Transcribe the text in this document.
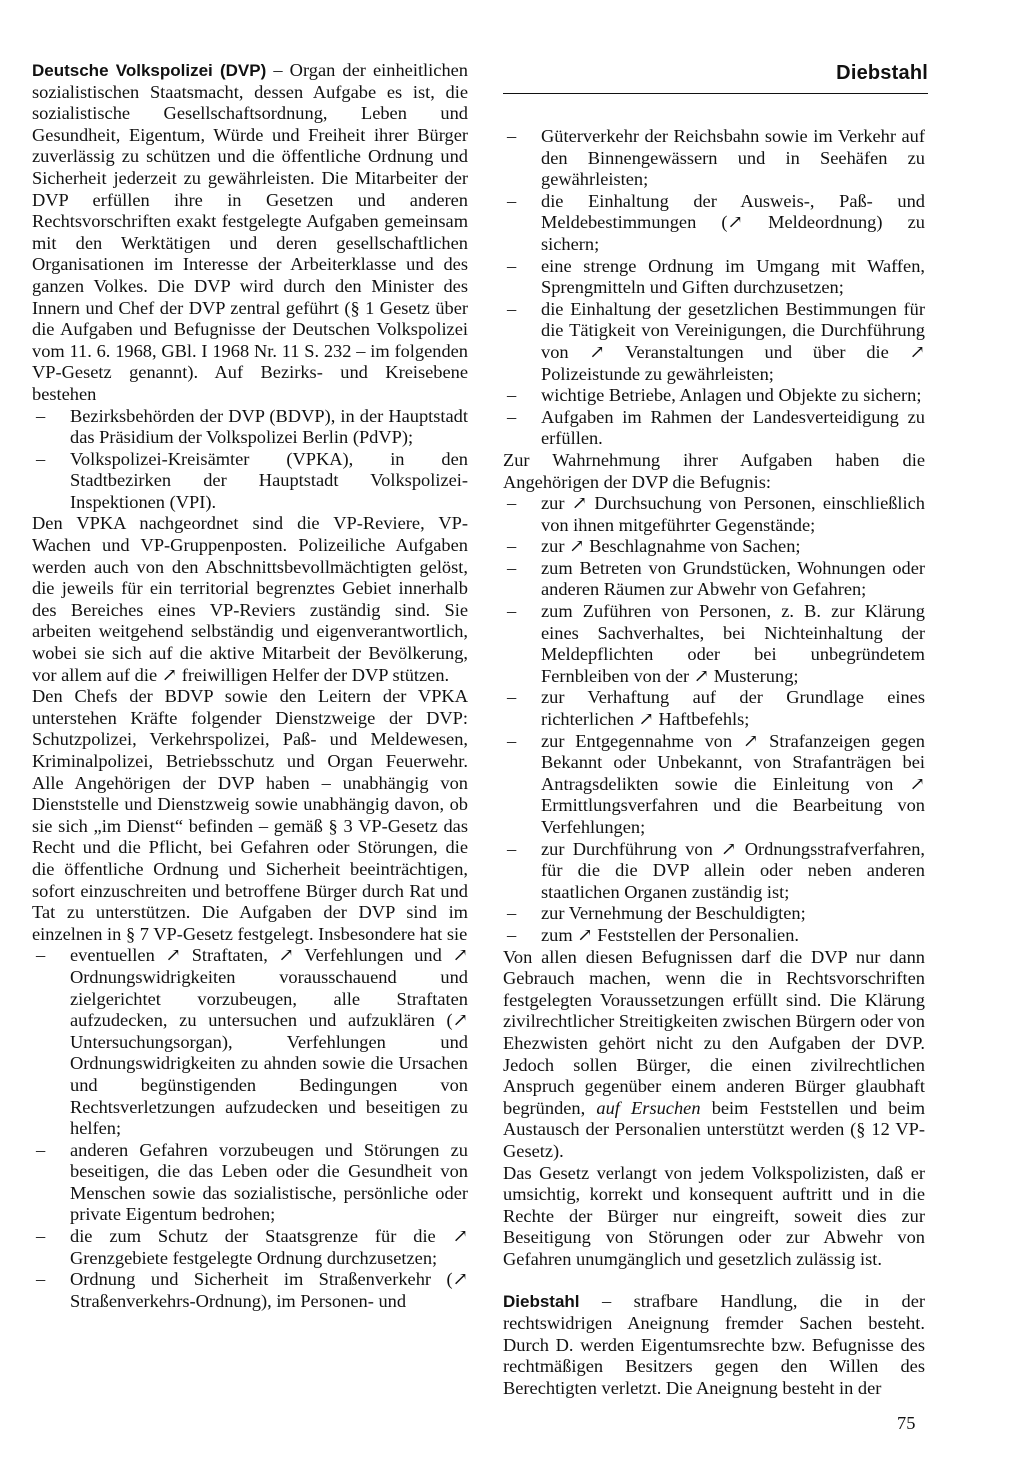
Diebstahl

Deutsche Volkspolizei (DVP) – Organ der einheitlichen sozialistischen Staatsmacht, dessen Aufgabe es ist, die sozialistische Gesellschaftsordnung, Leben und Gesundheit, Eigentum, Würde und Freiheit ihrer Bürger zuverlässig zu schützen und die öffentliche Ordnung und Sicherheit jederzeit zu gewährleisten. Die Mitarbeiter der DVP erfüllen ihre in Gesetzen und anderen Rechtsvorschriften exakt festgelegte Aufgaben gemeinsam mit den Werktätigen und deren gesellschaftlichen Organisationen im Interesse der Arbeiterklasse und des ganzen Volkes. Die DVP wird durch den Minister des Innern und Chef der DVP zentral geführt (§ 1 Gesetz über die Aufgaben und Befugnisse der Deutschen Volkspolizei vom 11. 6. 1968, GBl. I 1968 Nr. 11 S. 232 – im folgenden VP-Gesetz genannt). Auf Bezirks- und Kreisebene bestehen

– Bezirksbehörden der DVP (BDVP), in der Hauptstadt das Präsidium der Volkspolizei Berlin (PdVP);
– Volkspolizei-Kreisämter (VPKA), in den Stadtbezirken der Hauptstadt Volkspolizei-Inspektionen (VPI).

Den VPKA nachgeordnet sind die VP-Reviere, VP-Wachen und VP-Gruppenposten. Polizeiliche Aufgaben werden auch von den Abschnittsbevollmächtigten gelöst, die jeweils für ein territorial begrenztes Gebiet innerhalb des Bereiches eines VP-Reviers zuständig sind. Sie arbeiten weitgehend selbständig und eigenverantwortlich, wobei sie sich auf die aktive Mitarbeit der Bevölkerung, vor allem auf die ↗ freiwilligen Helfer der DVP stützen.

Den Chefs der BDVP sowie den Leitern der VPKA unterstehen Kräfte folgender Dienstzweige der DVP: Schutzpolizei, Verkehrspolizei, Paß- und Meldewesen, Kriminalpolizei, Betriebsschutz und Organ Feuerwehr. Alle Angehörigen der DVP haben – unabhängig von Dienststelle und Dienstzweig sowie unabhängig davon, ob sie sich „im Dienst“ befinden – gemäß § 3 VP-Gesetz das Recht und die Pflicht, bei Gefahren oder Störungen, die die öffentliche Ordnung und Sicherheit beeinträchtigen, sofort einzuschreiten und betroffene Bürger durch Rat und Tat zu unterstützen. Die Aufgaben der DVP sind im einzelnen in § 7 VP-Gesetz festgelegt. Insbesondere hat sie

– eventuellen ↗ Straftaten, ↗ Verfehlungen und ↗ Ordnungswidrigkeiten vorausschauend und zielgerichtet vorzubeugen, alle Straftaten aufzudecken, zu untersuchen und aufzuklären (↗ Untersuchungsorgan), Verfehlungen und Ordnungswidrigkeiten zu ahnden sowie die Ursachen und begünstigenden Bedingungen von Rechtsverletzungen aufzudecken und beseitigen zu helfen;
– anderen Gefahren vorzubeugen und Störungen zu beseitigen, die das Leben oder die Gesundheit von Menschen sowie das sozialistische, persönliche oder private Eigentum bedrohen;
– die zum Schutz der Staatsgrenze für die ↗ Grenzgebiete festgelegte Ordnung durchzusetzen;
– Ordnung und Sicherheit im Straßenverkehr (↗ Straßenverkehrs-Ordnung), im Personen- und
– Güterverkehr der Reichsbahn sowie im Verkehr auf den Binnengewässern und in Seehäfen zu gewährleisten;
– die Einhaltung der Ausweis-, Paß- und Meldebestimmungen (↗ Meldeordnung) zu sichern;
– eine strenge Ordnung im Umgang mit Waffen, Sprengmitteln und Giften durchzusetzen;
– die Einhaltung der gesetzlichen Bestimmungen für die Tätigkeit von Vereinigungen, die Durchführung von ↗ Veranstaltungen und über die ↗ Polizeistunde zu gewährleisten;
– wichtige Betriebe, Anlagen und Objekte zu sichern;
– Aufgaben im Rahmen der Landesverteidigung zu erfüllen.

Zur Wahrnehmung ihrer Aufgaben haben die Angehörigen der DVP die Befugnis:

– zur ↗ Durchsuchung von Personen, einschließlich von ihnen mitgeführter Gegenstände;
– zur ↗ Beschlagnahme von Sachen;
– zum Betreten von Grundstücken, Wohnungen oder anderen Räumen zur Abwehr von Gefahren;
– zum Zuführen von Personen, z. B. zur Klärung eines Sachverhaltes, bei Nichteinhaltung der Meldepflichten oder bei unbegründetem Fernbleiben von der ↗ Musterung;
– zur Verhaftung auf der Grundlage eines richterlichen ↗ Haftbefehls;
– zur Entgegennahme von ↗ Strafanzeigen gegen Bekannt oder Unbekannt, von Strafanträgen bei Antragsdelikten sowie die Einleitung von ↗ Ermittlungsverfahren und die Bearbeitung von Verfehlungen;
– zur Durchführung von ↗ Ordnungsstrafverfahren, für die die DVP allein oder neben anderen staatlichen Organen zuständig ist;
– zur Vernehmung der Beschuldigten;
– zum ↗ Feststellen der Personalien.

Von allen diesen Befugnissen darf die DVP nur dann Gebrauch machen, wenn die in Rechtsvorschriften festgelegten Voraussetzungen erfüllt sind. Die Klärung zivilrechtlicher Streitigkeiten zwischen Bürgern oder von Ehezwisten gehört nicht zu den Aufgaben der DVP. Jedoch sollen Bürger, die einen zivilrechtlichen Anspruch gegenüber einem anderen Bürger glaubhaft begründen, auf Ersuchen beim Feststellen und beim Austausch der Personalien unterstützt werden (§ 12 VP-Gesetz).

Das Gesetz verlangt von jedem Volkspolizisten, daß er umsichtig, korrekt und konsequent auftritt und in die Rechte der Bürger nur eingreift, soweit dies zur Beseitigung von Störungen oder zur Abwehr von Gefahren unumgänglich und gesetzlich zulässig ist.

Diebstahl – strafbare Handlung, die in der rechtswidrigen Aneignung fremder Sachen besteht. Durch D. werden Eigentumsrechte bzw. Befugnisse des rechtmäßigen Besitzers gegen den Willen des Berechtigten verletzt. Die Aneignung besteht in der

75
